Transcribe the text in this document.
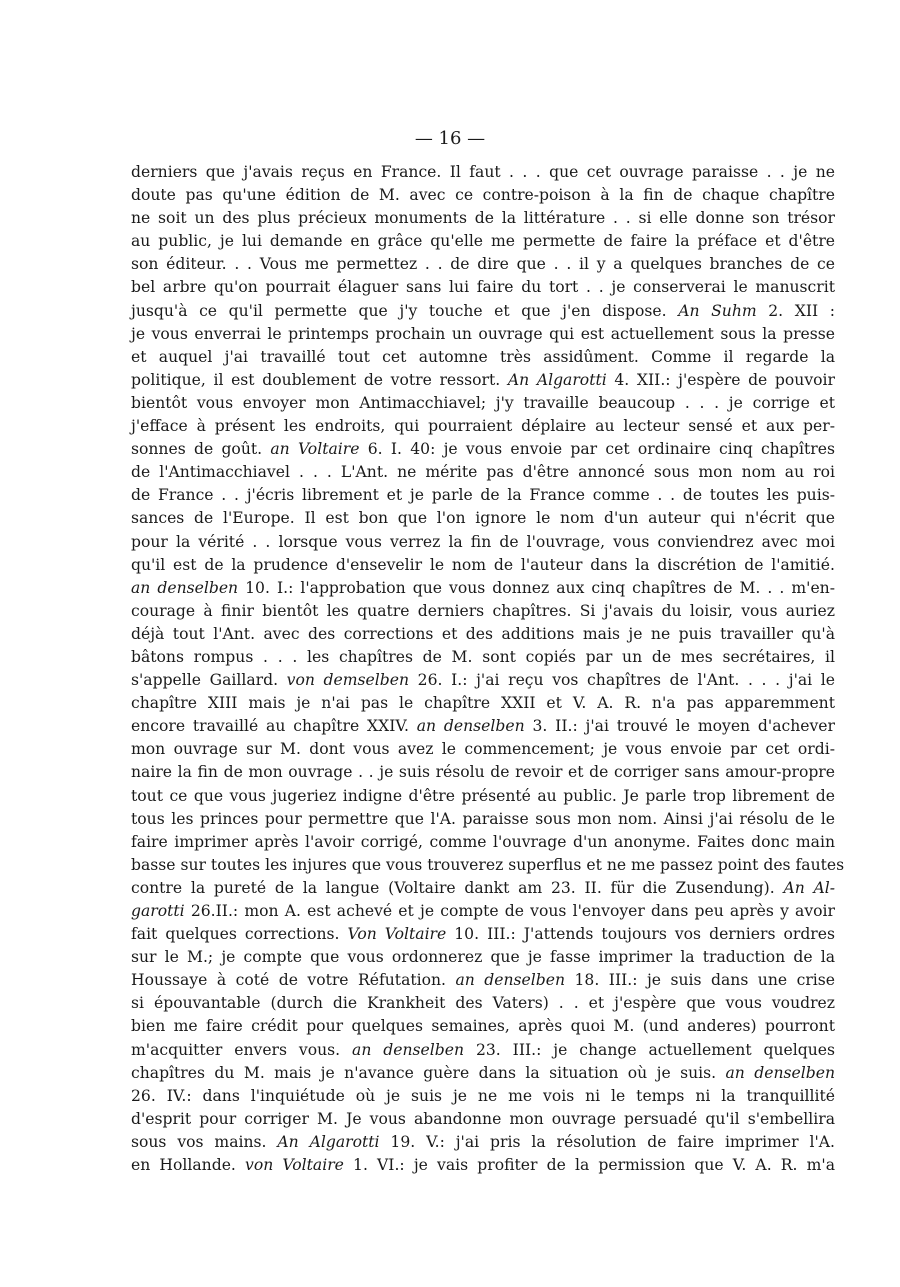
— 16 —
derniers que j'avais reçus en France. Il faut . . . que cet ouvrage paraisse . . je ne
doute pas qu'une édition de M. avec ce contre-poison à la fin de chaque chapître
ne soit un des plus précieux monuments de la littérature . . si elle donne son trésor
au public, je lui demande en grâce qu'elle me permette de faire la préface et d'être
son éditeur. . . Vous me permettez . . de dire que . . il y a quelques branches de ce
bel arbre qu'on pourrait élaguer sans lui faire du tort . . je conserverai le manuscrit
jusqu'à ce qu'il permette que j'y touche et que j'en dispose. An Suhm 2. XII :
je vous enverrai le printemps prochain un ouvrage qui est actuellement sous la presse
et auquel j'ai travaillé tout cet automne très assidûment. Comme il regarde la
politique, il est doublement de votre ressort. An Algarotti 4. XII.: j'espère de pouvoir
bientôt vous envoyer mon Antimacchiavel; j'y travaille beaucoup . . . je corrige et
j'efface à présent les endroits, qui pourraient déplaire au lecteur sensé et aux per-
sonnes de goût. an Voltaire 6. I. 40: je vous envoie par cet ordinaire cinq chapîtres
de l'Antimacchiavel . . . L'Ant. ne mérite pas d'être annoncé sous mon nom au roi
de France . . j'écris librement et je parle de la France comme . . de toutes les puis-
sances de l'Europe. Il est bon que l'on ignore le nom d'un auteur qui n'écrit que
pour la vérité . . lorsque vous verrez la fin de l'ouvrage, vous conviendrez avec moi
qu'il est de la prudence d'ensevelir le nom de l'auteur dans la discrétion de l'amitié.
an denselben 10. I.: l'approbation que vous donnez aux cinq chapîtres de M. . . m'en-
courage à finir bientôt les quatre derniers chapîtres. Si j'avais du loisir, vous auriez
déjà tout l'Ant. avec des corrections et des additions mais je ne puis travailler qu'à
bâtons rompus . . . les chapîtres de M. sont copiés par un de mes secrétaires, il
s'appelle Gaillard. von demselben 26. I.: j'ai reçu vos chapîtres de l'Ant. . . . j'ai le
chapître XIII mais je n'ai pas le chapître XXII et V. A. R. n'a pas apparemment
encore travaillé au chapître XXIV. an denselben 3. II.: j'ai trouvé le moyen d'achever
mon ouvrage sur M. dont vous avez le commencement; je vous envoie par cet ordi-
naire la fin de mon ouvrage . . je suis résolu de revoir et de corriger sans amour-propre
tout ce que vous jugeriez indigne d'être présenté au public. Je parle trop librement de
tous les princes pour permettre que l'A. paraisse sous mon nom. Ainsi j'ai résolu de le
faire imprimer après l'avoir corrigé, comme l'ouvrage d'un anonyme. Faites donc main
basse sur toutes les injures que vous trouverez superflus et ne me passez point des fautes
contre la pureté de la langue (Voltaire dankt am 23. II. für die Zusendung). An Al-
garotti 26.II.: mon A. est achevé et je compte de vous l'envoyer dans peu après y avoir
fait quelques corrections. Von Voltaire 10. III.: J'attends toujours vos derniers ordres
sur le M.; je compte que vous ordonnerez que je fasse imprimer la traduction de la
Houssaye à coté de votre Réfutation. an denselben 18. III.: je suis dans une crise
si épouvantable (durch die Krankheit des Vaters) . . et j'espère que vous voudrez
bien me faire crédit pour quelques semaines, après quoi M. (und anderes) pourront
m'acquitter envers vous. an denselben 23. III.: je change actuellement quelques
chapîtres du M. mais je n'avance guère dans la situation où je suis. an denselben
26. IV.: dans l'inquiétude où je suis je ne me vois ni le temps ni la tranquillité
d'esprit pour corriger M. Je vous abandonne mon ouvrage persuadé qu'il s'embellira
sous vos mains. An Algarotti 19. V.: j'ai pris la résolution de faire imprimer l'A.
en Hollande. von Voltaire 1. VI.: je vais profiter de la permission que V. A. R. m'a
